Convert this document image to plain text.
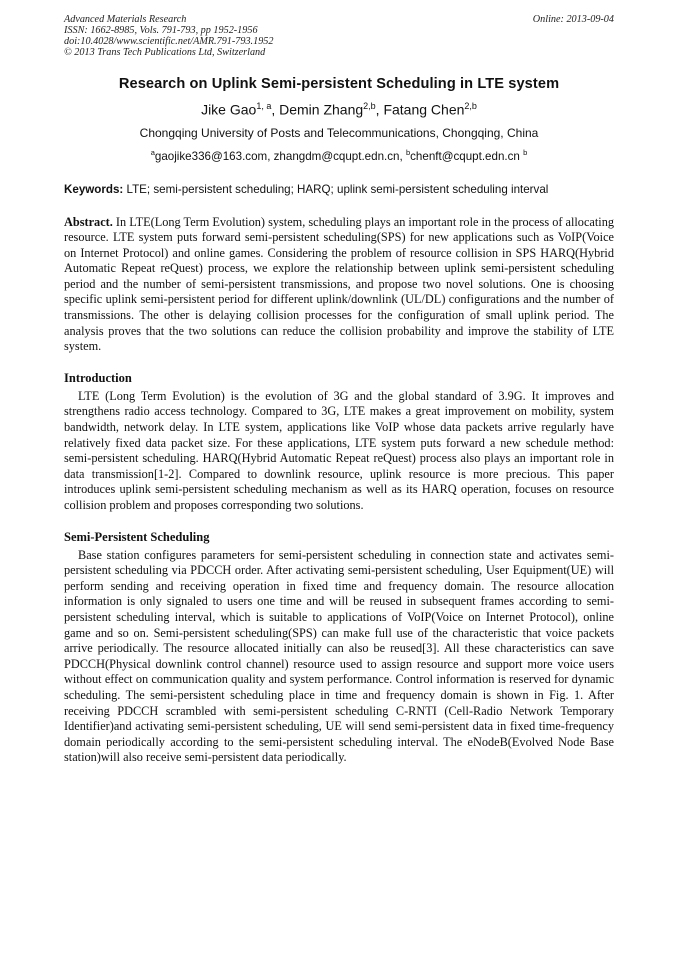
Advanced Materials Research
ISSN: 1662-8985, Vols. 791-793, pp 1952-1956
doi:10.4028/www.scientific.net/AMR.791-793.1952
© 2013 Trans Tech Publications Ltd, Switzerland
Online: 2013-09-04
Research on Uplink Semi-persistent Scheduling in LTE system
Jike Gao$^{1, a}$, Demin Zhang$^{2,b}$, Fatang Chen$^{2,b}$
Chongqing University of Posts and Telecommunications, Chongqing, China
$^a$gaojike336@163.com, zhangdm@cqupt.edn.cn, $^b$chenft@cqupt.edn.cn $^b$
Keywords: LTE; semi-persistent scheduling; HARQ; uplink semi-persistent scheduling interval
Abstract. In LTE(Long Term Evolution) system, scheduling plays an important role in the process of allocating resource. LTE system puts forward semi-persistent scheduling(SPS) for new applications such as VoIP(Voice on Internet Protocol) and online games. Considering the problem of resource collision in SPS HARQ(Hybrid Automatic Repeat reQuest) process, we explore the relationship between uplink semi-persistent scheduling period and the number of semi-persistent transmissions, and propose two novel solutions. One is choosing specific uplink semi-persistent period for different uplink/downlink (UL/DL) configurations and the number of transmissions. The other is delaying collision processes for the configuration of small uplink period. The analysis proves that the two solutions can reduce the collision probability and improve the stability of LTE system.
Introduction
LTE (Long Term Evolution) is the evolution of 3G and the global standard of 3.9G. It improves and strengthens radio access technology. Compared to 3G, LTE makes a great improvement on mobility, system bandwidth, network delay. In LTE system, applications like VoIP whose data packets arrive regularly have relatively fixed data packet size. For these applications, LTE system puts forward a new schedule method: semi-persistent scheduling. HARQ(Hybrid Automatic Repeat reQuest) process also plays an important role in data transmission[1-2]. Compared to downlink resource, uplink resource is more precious. This paper introduces uplink semi-persistent scheduling mechanism as well as its HARQ operation, focuses on resource collision problem and proposes corresponding two solutions.
Semi-Persistent Scheduling
Base station configures parameters for semi-persistent scheduling in connection state and activates semi-persistent scheduling via PDCCH order. After activating semi-persistent scheduling, User Equipment(UE) will perform sending and receiving operation in fixed time and frequency domain. The resource allocation information is only signaled to users one time and will be reused in subsequent frames according to semi-persistent scheduling interval, which is suitable to applications of VoIP(Voice on Internet Protocol), online game and so on. Semi-persistent scheduling(SPS) can make full use of the characteristic that voice packets arrive periodically. The resource allocated initially can also be reused[3]. All these characteristics can save PDCCH(Physical downlink control channel) resource used to assign resource and support more voice users without effect on communication quality and system performance. Control information is reserved for dynamic scheduling. The semi-persistent scheduling place in time and frequency domain is shown in Fig. 1. After receiving PDCCH scrambled with semi-persistent scheduling C-RNTI (Cell-Radio Network Temporary Identifier)and activating semi-persistent scheduling, UE will send semi-persistent data in fixed time-frequency domain periodically according to the semi-persistent scheduling interval. The eNodeB(Evolved Node Base station)will also receive semi-persistent data periodically.
